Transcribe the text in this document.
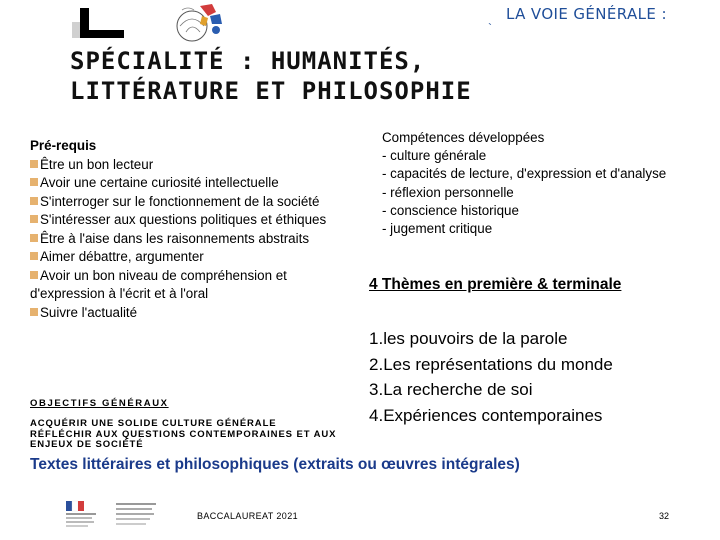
LA VOIE GÉNÉRALE :
`
SPÉCIALITÉ : HUMANITÉS,
LITTÉRATURE ET PHILOSOPHIE
Pré-requis
Être un bon lecteur
Avoir une certaine curiosité intellectuelle
S'interroger sur le fonctionnement de la société
S'intéresser aux questions politiques et éthiques
Être à l'aise dans les raisonnements abstraits
Aimer débattre, argumenter
Avoir un bon niveau de compréhension et d'expression à l'écrit et à l'oral
Suivre l'actualité
OBJECTIFS GÉNÉRAUX
ACQUÉRIR UNE SOLIDE CULTURE GÉNÉRALE
RÉFLÉCHIR AUX QUESTIONS CONTEMPORAINES ET AUX ENJEUX DE SOCIÉTÉ
Compétences développées
- culture générale
- capacités de lecture, d'expression et d'analyse
- réflexion personnelle
- conscience historique
- jugement critique
4 Thèmes en première & terminale
1.les pouvoirs de la parole
2.Les représentations du monde
3.La recherche de soi
4.Expériences contemporaines
Textes littéraires et philosophiques (extraits ou œuvres intégrales)
BACCALAUREAT 2021	32
